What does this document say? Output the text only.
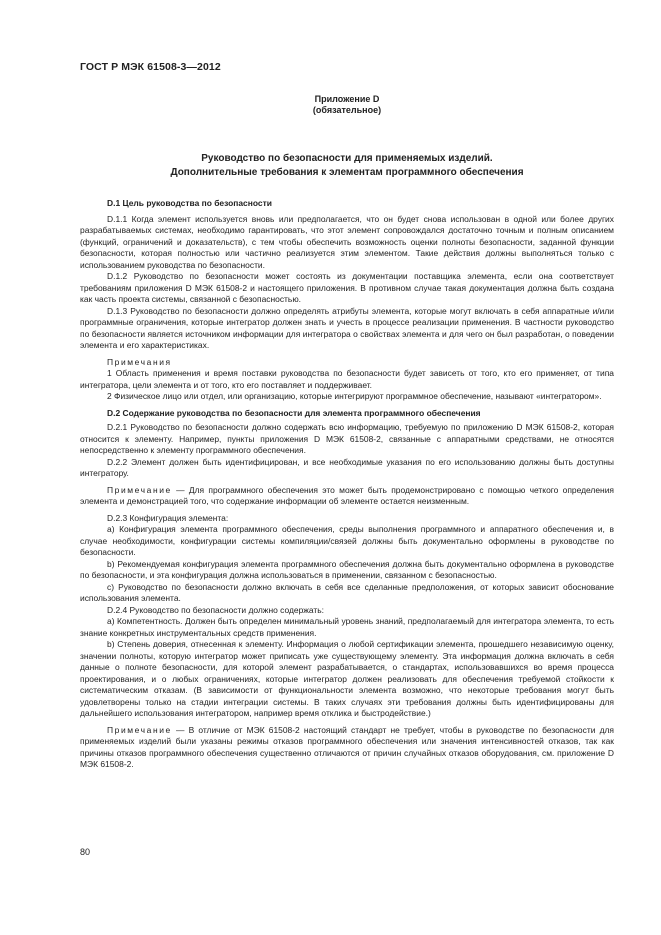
ГОСТ Р МЭК 61508-3—2012
Приложение D
(обязательное)
Руководство по безопасности для применяемых изделий.
Дополнительные требования к элементам программного обеспечения

D.1 Цель руководства по безопасности

D.1.1 Когда элемент используется вновь или предполагается, что он будет снова использован в одной или более других разрабатываемых системах, необходимо гарантировать, что этот элемент сопровождался достаточно точным и полным описанием (функций, ограничений и доказательств), с тем чтобы обеспечить возможность оценки полноты безопасности, заданной функции безопасности, которая полностью или частично реализуется этим элементом. Такие действия должны выполняться только с использованием руководства по безопасности.

D.1.2 Руководство по безопасности может состоять из документации поставщика элемента, если она соответствует требованиям приложения D МЭК 61508-2 и настоящего приложения. В противном случае такая документация должна быть создана как часть проекта системы, связанной с безопасностью.

D.1.3 Руководство по безопасности должно определять атрибуты элемента, которые могут включать в себя аппаратные и/или программные ограничения, которые интегратор должен знать и учесть в процессе реализации применения. В частности руководство по безопасности является источником информации для интегратора о свойствах элемента и для чего он был разработан, о поведении элемента и его характеристиках.

Примечания

1 Область применения и время поставки руководства по безопасности будет зависеть от того, кто его применяет, от типа интегратора, цели элемента и от того, кто его поставляет и поддерживает.

2 Физическое лицо или отдел, или организацию, которые интегрируют программное обеспечение, называют «интегратором».

D.2 Содержание руководства по безопасности для элемента программного обеспечения

D.2.1 Руководство по безопасности должно содержать всю информацию, требуемую по приложению D МЭК 61508-2, которая относится к элементу. Например, пункты приложения D МЭК 61508-2, связанные с аппаратными средствами, не относятся непосредственно к элементу программного обеспечения.

D.2.2 Элемент должен быть идентифицирован, и все необходимые указания по его использованию должны быть доступны интегратору.

Примечание — Для программного обеспечения это может быть продемонстрировано с помощью четкого определения элемента и демонстрацией того, что содержание информации об элементе остается неизменным.

D.2.3 Конфигурация элемента:

a) Конфигурация элемента программного обеспечения, среды выполнения программного и аппаратного обеспечения и, в случае необходимости, конфигурации системы компиляции/связей должны быть документально оформлены в руководстве по безопасности.

b) Рекомендуемая конфигурация элемента программного обеспечения должна быть документально оформлена в руководстве по безопасности, и эта конфигурация должна использоваться в применении, связанном с безопасностью.

c) Руководство по безопасности должно включать в себя все сделанные предположения, от которых зависит обоснование использования элемента.

D.2.4 Руководство по безопасности должно содержать:

a) Компетентность. Должен быть определен минимальный уровень знаний, предполагаемый для интегратора элемента, то есть знание конкретных инструментальных средств применения.

b) Степень доверия, отнесенная к элементу. Информация о любой сертификации элемента, прошедшего независимую оценку, значении полноты, которую интегратор может приписать уже существующему элементу. Эта информация должна включать в себя данные о полноте безопасности, для которой элемент разрабатывается, о стандартах, использовавшихся во время процесса проектирования, и о любых ограничениях, которые интегратор должен реализовать для обеспечения требуемой стойкости к систематическим отказам. (В зависимости от функциональности элемента возможно, что некоторые требования могут быть удовлетворены только на стадии интеграции системы. В таких случаях эти требования должны быть идентифицированы для дальнейшего использования интегратором, например время отклика и быстродействие.)

Примечание — В отличие от МЭК 61508-2 настоящий стандарт не требует, чтобы в руководстве по безопасности для применяемых изделий были указаны режимы отказов программного обеспечения или значения интенсивностей отказов, так как причины отказов программного обеспечения существенно отличаются от причин случайных отказов оборудования, см. приложение D МЭК 61508-2.

80
